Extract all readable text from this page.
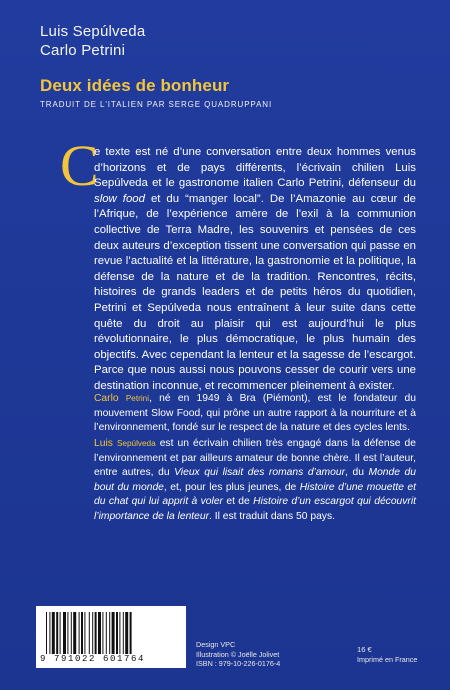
Luis Sepúlveda
Carlo Petrini
Deux idées de bonheur
TRADUIT DE L'ITALIEN PAR SERGE QUADRUPPANI
C
e texte est né d’une conversation entre deux hommes venus d’horizons et de pays différents, l’écrivain chilien Luis Sepúlveda et le gastronome italien Carlo Petrini, défenseur du slow food et du “manger local”. De l’Amazonie au cœur de l’Afrique, de l’expérience amère de l’exil à la communion collective de Terra Madre, les souvenirs et pensées de ces deux auteurs d’exception tissent une conversation qui passe en revue l’actualité et la littérature, la gastronomie et la politique, la défense de la nature et de la tradition. Rencontres, récits, histoires de grands leaders et de petits héros du quotidien, Petrini et Sepúlveda nous entraînent à leur suite dans cette quête du droit au plaisir qui est aujourd’hui le plus révolutionnaire, le plus démocratique, le plus humain des objectifs. Avec cependant la lenteur et la sagesse de l’escargot. Parce que nous aussi nous pouvons cesser de courir vers une destination inconnue, et recommencer pleinement à exister.
Carlo Petrini, né en 1949 à Bra (Piémont), est le fondateur du mouvement Slow Food, qui prône un autre rapport à la nourriture et à l’environnement, fondé sur le respect de la nature et des cycles lents.
Luis Sepúlveda est un écrivain chilien très engagé dans la défense de l’environnement et par ailleurs amateur de bonne chère. Il est l’auteur, entre autres, du Vieux qui lisait des romans d’amour, du Monde du bout du monde, et, pour les plus jeunes, de Histoire d’une mouette et du chat qui lui apprit à voler et de Histoire d’un escargot qui découvrit l’importance de la lenteur. Il est traduit dans 50 pays.
9 791022 601764
Design VPC
Illustration © Joëlle Jolivet
ISBN : 979-10-226-0176-4
16 €
Imprimé en France
